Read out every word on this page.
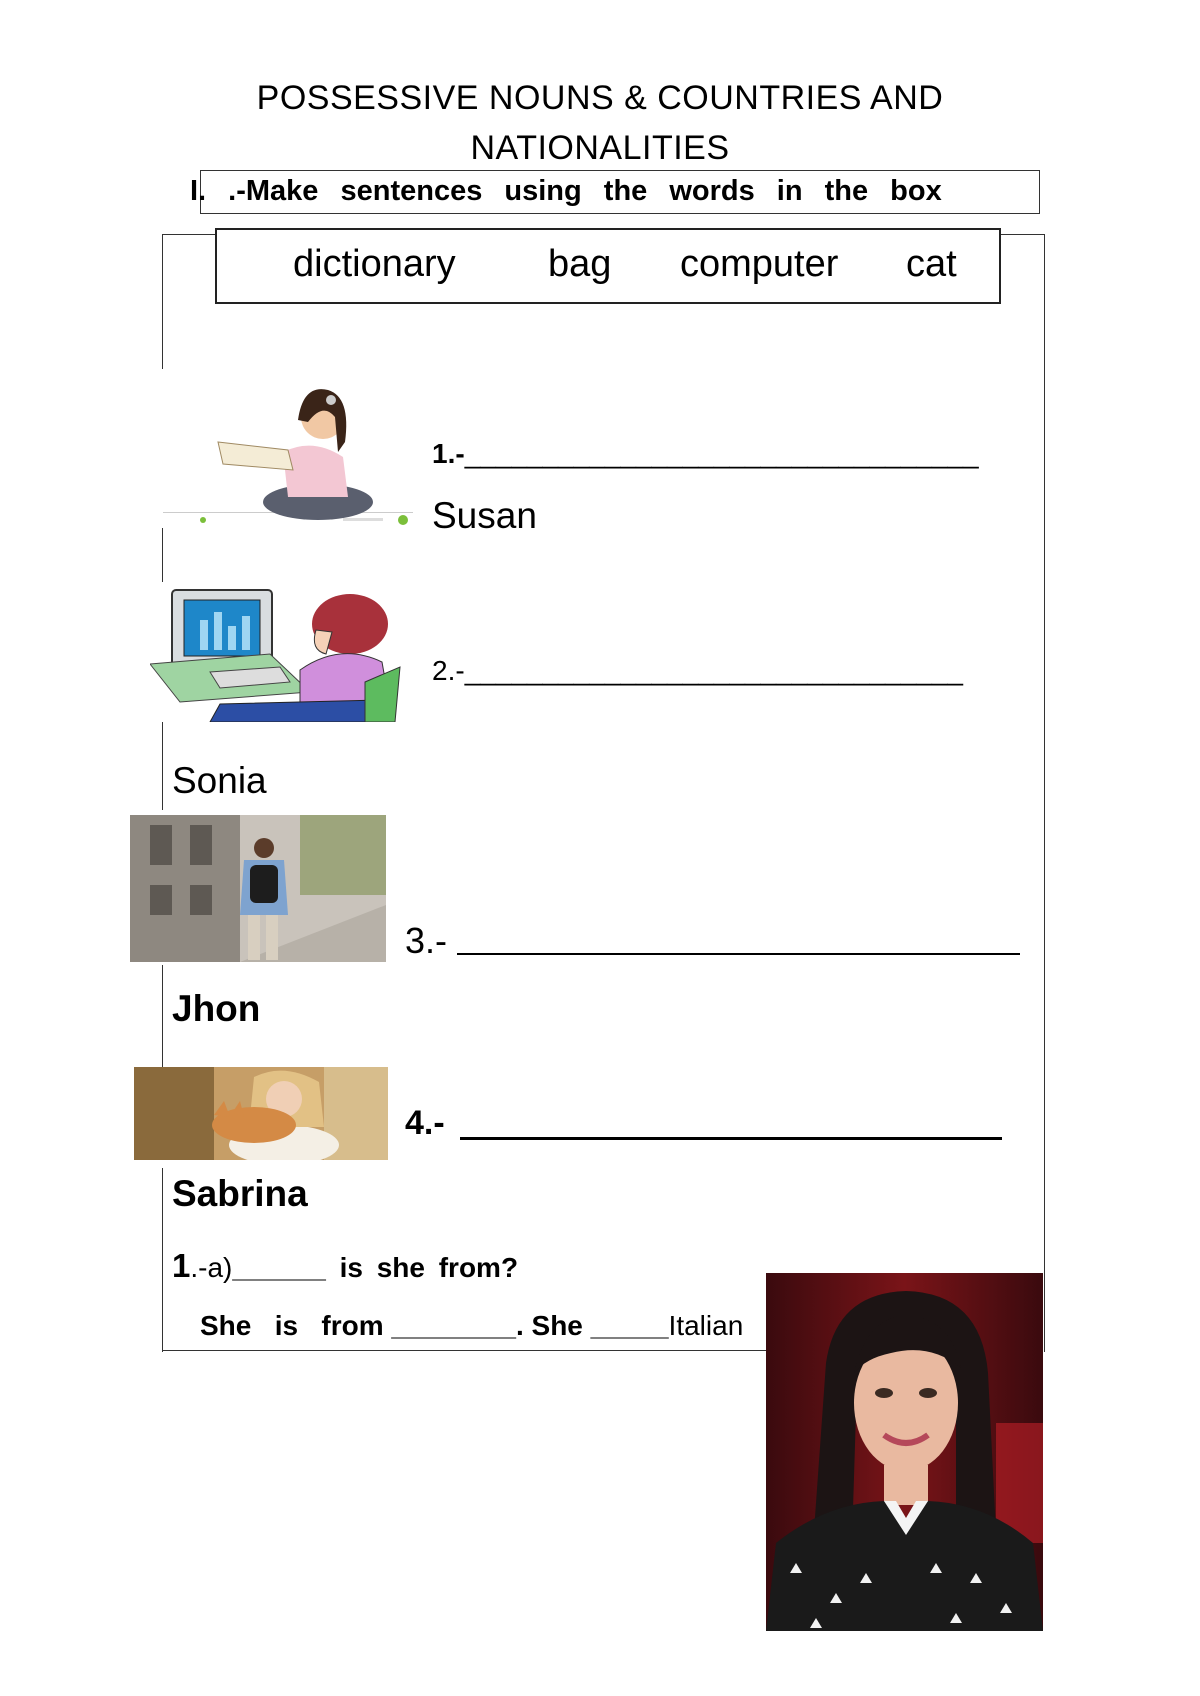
POSSESSIVE NOUNS & COUNTRIES AND
NATIONALITIES
I. .-Make sentences using the words in the box
dictionary bag computer cat
1.-_________________________________
Susan
2.-________________________________
Sonia
3.-
Jhon
4.-
Sabrina
1.-a)______ is she from?
She   is   from ________. She _____Italian
